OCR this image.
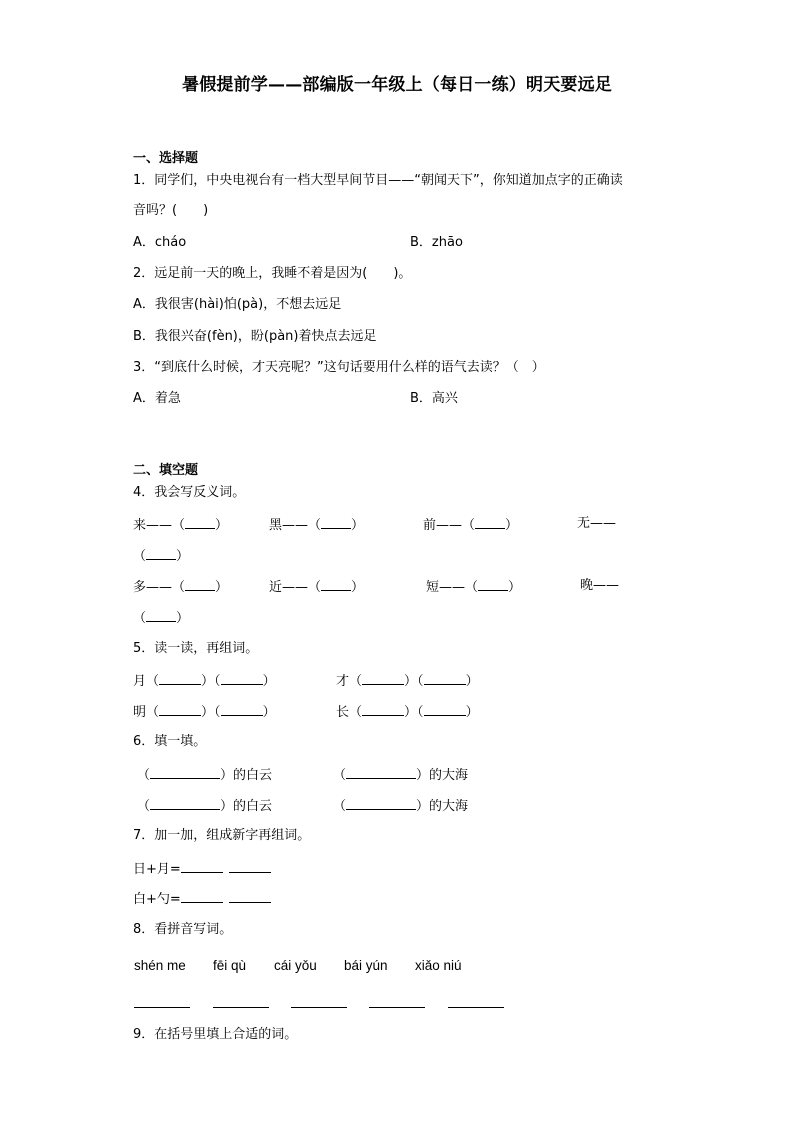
暑假提前学——部编版一年级上（每日一练）明天要远足
一、选择题
1．同学们，中央电视台有一档大型早间节目——“朝闻天下”，你知道加点字的正确读
音吗？(　　)
A．cháo	B．zhāo
2．远足前一天的晚上，我睡不着是因为(　　)。
A．我很害(hài)怕(pà)，不想去远足
B．我很兴奋(fèn)，盼(pàn)着快点去远足
3．“到底什么时候，才天亮呢？”这句话要用什么样的语气去读？（　）
A．着急	B．高兴
二、填空题
4．我会写反义词。
来——（ ）	黑——（ ）	前——（ ）	无——
（ ）
多——（ ）	近——（ ）	短——（ ）	晚——
（ ）
5．读一读，再组词。
月（	）（	）	才（	）（	）
明（	）（	）	长（	）（	）
6．填一填。
（	）的白云	（	）的大海
（	）的白云	（	）的大海
7．加一加，组成新字再组词。
日+月=
白+勺=
8．看拼音写词。
shén me fēi qù cái yǒu bái yún xiǎo niú
9．在括号里填上合适的词。
